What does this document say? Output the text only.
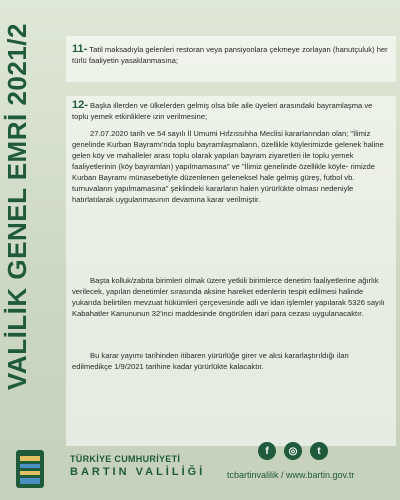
VALİLİK GENEL EMRİ 2021/2	11- Tatil maksadıyla gelenleri restoran veya pansiyonlara çekmeye zorlayan (hanutçuluk) her türlü faaliyetin yasaklanmasına;
12- Başka illerden ve ülkelerden gelmiş olsa bile aile üyeleri arasındaki bayramlaşma ve toplu yemek etkinliklere izin verilmesine;
27.07.2020 tarih ve 54 sayılı İl Umumi Hıfzıssıhha Meclisi kararlarından olan; "İlimiz genelinde Kurban Bayramı'nda toplu bayramlaşmaların, özellikle köylerimizde gelenek haline gelen köy ve mahalleler arası toplu olarak yapılan bayram ziyaretleri ile toplu yemek faaliyetlerinin (köy bayramları) yapılmamasına" ve "İlimiz genelinde özellikle köyle- rimizde Kurban Bayramı münasebetiyle düzenlenen geleneksel hale gelmiş güreş, futbol vb. turnuvaların yapılmamasına" şeklindeki kararların halen yürürlükte olması nedeniyle hatırlatılarak uygulanmasının devamına karar verilmiştir.
Başta kolluk/zabıta birimleri olmak üzere yetkili birimlerce denetim faaliyetlerine ağırlık verilecek, yapılan denetimler sırasında aksine hareket edenlerin tespit edilmesi halinde yukarıda belirtilen mevzuat hükümleri çerçevesinde adli ve idari işlemler yapılarak 5326 sayılı Kabahatler Kanununun 32'inci maddesinde öngörülen idari para cezası uygulanacaktır.
Bu karar yayımı tarihinden itibaren yürürlüğe girer ve aksi kararlaştırıldığı ilan edilmedikçe 1/9/2021 tarihine kadar yürürlükte kalacaktır.
TÜRKİYE CUMHURİYETİ
BARTIN VALİLİĞİ
f	◎	t
tcbartinvalilik / www.bartin.gov.tr
